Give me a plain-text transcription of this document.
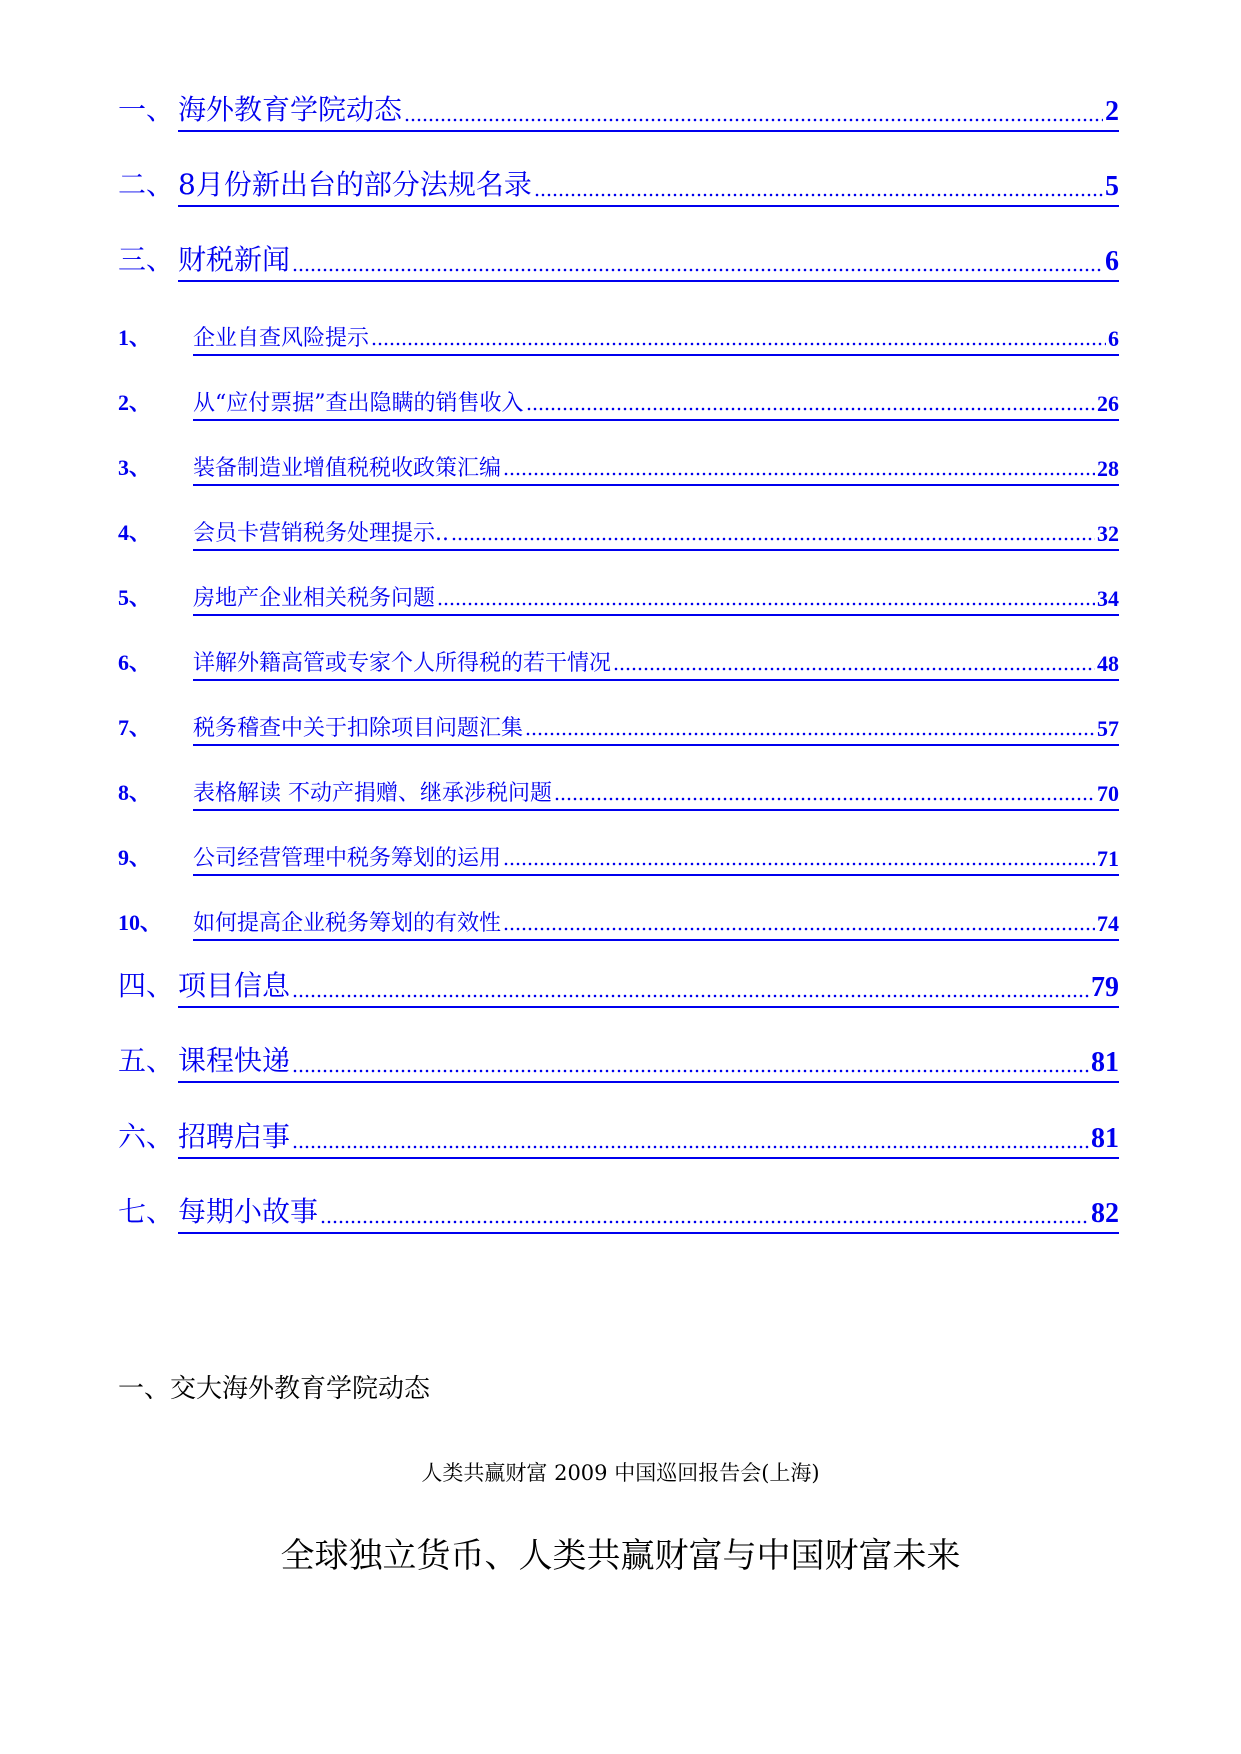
一、 海外教育学院动态	2
二、 8月份新出台的部分法规名录	5
三、 财税新闻	6
1、	企业自查风险提示	6
2、	从“应付票据”查出隐瞒的销售收入	26
3、	装备制造业增值税税收政策汇编	28
4、	会员卡营销税务处理提示..	32
5、	房地产企业相关税务问题	34
6、	详解外籍高管或专家个人所得税的若干情况	48
7、	税务稽查中关于扣除项目问题汇集	57
8、	表格解读 不动产捐赠、继承涉税问题	70
9、	公司经营管理中税务筹划的运用	71
10、	如何提高企业税务筹划的有效性	74
四、 项目信息	79
五、 课程快递	81
六、 招聘启事	81
七、 每期小故事	82
一、交大海外教育学院动态
人类共赢财富 2009 中国巡回报告会(上海)
全球独立货币、人类共赢财富与中国财富未来
